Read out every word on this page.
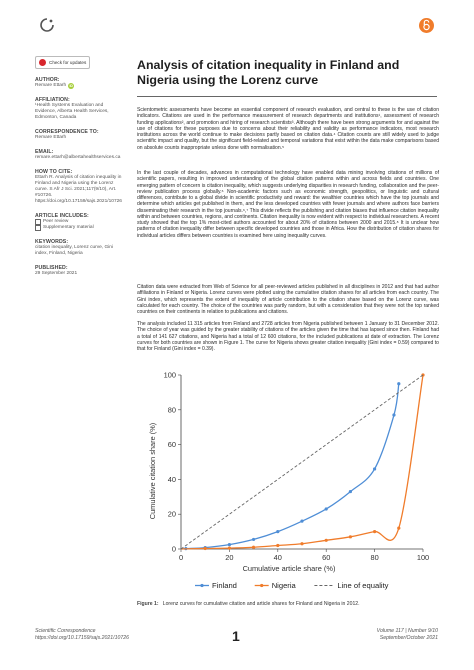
Check for updates
AUTHOR:
Remare Ettarh iD
AFFILIATION:
¹Health Systems Evaluation and Evidence, Alberta Health Services, Edmonton, Canada
CORRESPONDENCE TO:
Remare Ettarh
EMAIL:
remare.ettarh@albertahealthservices.ca
HOW TO CITE:
Ettarh R. Analysis of citation inequality in Finland and Nigeria using the Lorenz curve. S Afr J Sci. 2021;117(9/10), Art. #10726. https://doi.org/10.17159/sajs.2021/10726
ARTICLE INCLUDES:
Peer review
Supplementary material
KEYWORDS:
citation inequality, Lorenz curve, Gini index, Finland, Nigeria
PUBLISHED:
29 September 2021
Analysis of citation inequality in Finland and Nigeria using the Lorenz curve

Scientometric assessments have become an essential component of research evaluation, and central to these is the use of citation indicators. Citations are used in the performance measurement of research departments and institutions¹, assessment of research funding applications², and promotion and hiring of research scientists³. Although there have been strong arguments for and against the use of citations for these purposes due to concerns about their reliability and validity as performance indicators, most research institutions across the world continue to make decisions partly based on citation data.⁴ Citation counts are still widely used to judge scientific impact and quality, but the significant field-related and temporal variations that exist within the data make comparisons based on absolute counts inappropriate unless done with normalisation.⁵

In the last couple of decades, advances in computational technology have enabled data mining involving citations of millions of scientific papers, resulting in improved understanding of the global citation patterns within and across fields and countries. One emerging pattern of concern is citation inequality, which suggests underlying disparities in research funding, collaboration and the peer-review publication process globally.⁶ Non-academic factors such as economic strength, geopolitics, or linguistic and cultural differences, contribute to a global divide in scientific productivity and reward: the wealthier countries which have the top journals and determine which articles get published in them, and the less developed countries with fewer journals and where authors face barriers disseminating their research in the top journals.⁶,⁷ This divide reflects the publishing and citation biases that influence citation inequality within and between countries, regions, and continents. Citation inequality is now evident with respect to individual researchers. A recent study showed that the top 1% most-cited authors accounted for about 20% of citations between 2000 and 2015.⁸ It is unclear how patterns of citation inequality differ between specific developed countries and those in Africa. How the distribution of citation shares for individual articles differs between countries is examined here using inequality curves.

Citation data were extracted from Web of Science for all peer-reviewed articles published in all disciplines in 2012 and that had author affiliations in Finland or Nigeria. Lorenz curves were plotted using the cumulative citation shares for all articles from each country. The Gini index, which represents the extent of inequality of article contribution to the citation share based on the Lorenz curve, was calculated for each country. The choice of the countries was partly random, but with a consideration that they were not the top ranked countries on their continents in relation to publications and citations.

The analysis included 11 315 articles from Finland and 2728 articles from Nigeria published between 1 January to 31 December 2012. The choice of year was guided by the greater stability of citations of the articles given the time that has lapsed since then. Finland had a total of 141 627 citations, and Nigeria had a total of 12 600 citations, for the included publications at date of extraction. The Lorenz curves for both countries are shown in Figure 1. The curve for Nigeria shows greater citation inequality (Gini index = 0.59) compared to that for Finland (Gini index = 0.39).

0	20	40	60	80	100
0
20
40
60
80
100
Cumulative citation share (%)
Cumulative article share (%)
Finland	Nigeria	Line of equality
Figure 1: Lorenz curves for cumulative citation and article shares for Finland and Nigeria in 2012.
Scientific Correspondence
https://doi.org/10.17159/sajs.2021/10726	1	Volume 117 | Number 9/10
September/October 2021
